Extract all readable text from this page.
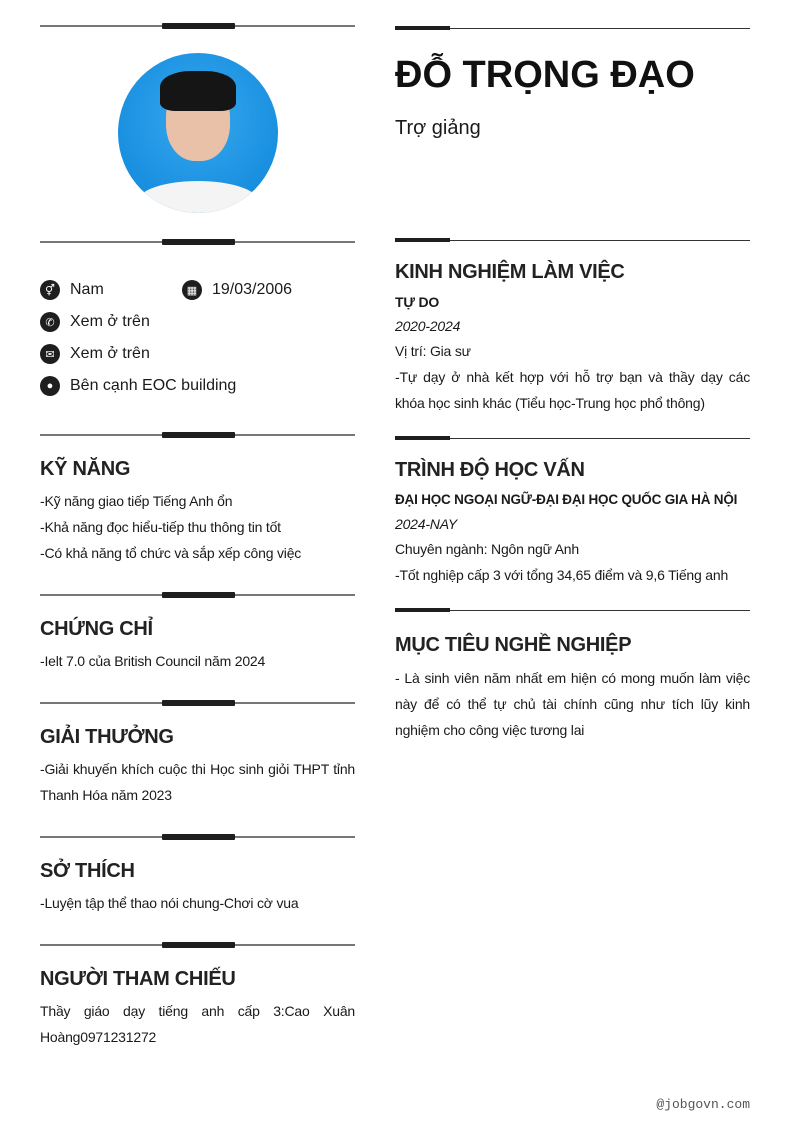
⚥ Nam	▦ 19/03/2006
✆ Xem ở trên
✉ Xem ở trên
●	Bên cạnh EOC building
KỸ NĂNG
-Kỹ năng giao tiếp Tiếng Anh ổn
-Khả năng đọc hiểu-tiếp thu thông tin tốt
-Có khả năng tổ chức và sắp xếp công việc
CHỨNG CHỈ
-Ielt 7.0 của British Council năm 2024
GIẢI THƯỞNG
-Giải khuyến khích cuộc thi Học sinh giỏi THPT tỉnh Thanh Hóa năm 2023
SỞ THÍCH
-Luyện tập thể thao nói chung-Chơi cờ vua
NGƯỜI THAM CHIẾU
Thầy giáo dạy tiếng anh cấp 3:Cao Xuân Hoàng0971231272
ĐỖ TRỌNG ĐẠO
Trợ giảng
KINH NGHIỆM LÀM VIỆC
TỰ DO
2020-2024
Vị trí: Gia sư
-Tự dạy ở nhà kết hợp với hỗ trợ bạn và thầy dạy các khóa học sinh khác (Tiểu học-Trung học phổ thông)
TRÌNH ĐỘ HỌC VẤN
ĐẠI HỌC NGOẠI NGỮ-ĐẠI ĐẠI HỌC QUỐC GIA HÀ NỘI
2024-NAY
Chuyên ngành: Ngôn ngữ Anh
-Tốt nghiệp cấp 3 với tổng 34,65 điểm và 9,6 Tiếng anh
MỤC TIÊU NGHỀ NGHIỆP
- Là sinh viên năm nhất em hiện có mong muốn làm việc này để có thể tự chủ tài chính cũng như tích lũy kinh nghiệm cho công việc tương lai
@jobgovn.com
